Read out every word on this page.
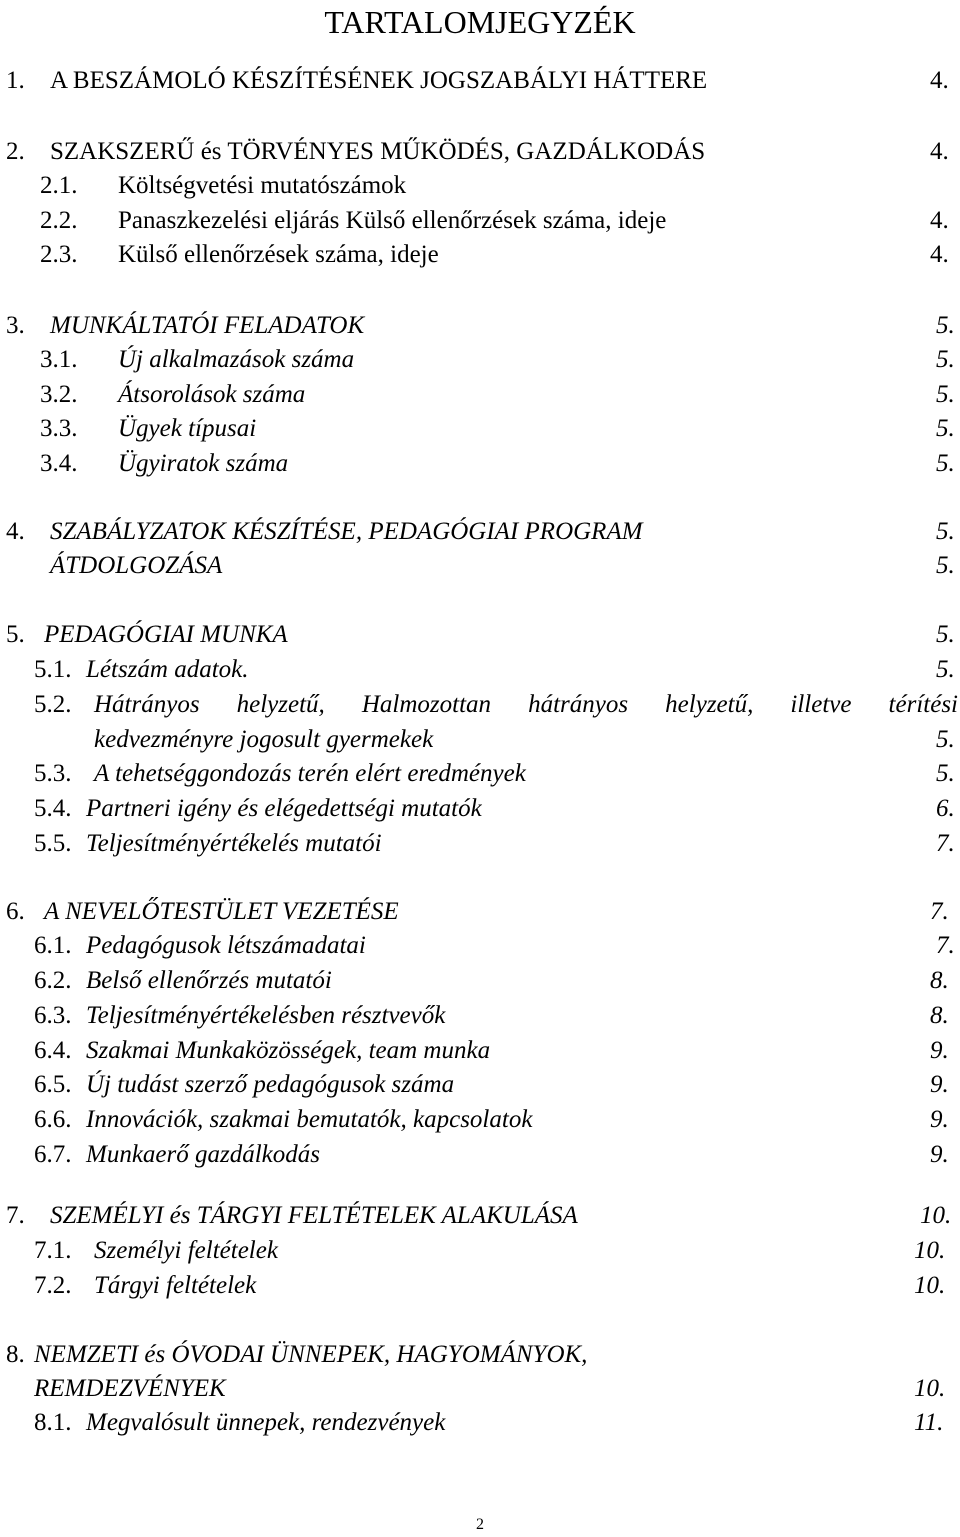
TARTALOMJEGYZÉK
1. A BESZÁMOLÓ KÉSZÍTÉSÉNEK JOGSZABÁLYI HÁTTERE	4.
2. SZAKSZERŰ és TÖRVÉNYES MŰKÖDÉS, GAZDÁLKODÁS	4.
2.1. Költségvetési mutatószámok
2.2. Panaszkezelési eljárás Külső ellenőrzések száma, ideje	4.
2.3. Külső ellenőrzések száma, ideje	4.
3. MUNKÁLTATÓI FELADATOK	5.
3.1. Új alkalmazások száma	5.
3.2. Átsorolások száma	5.
3.3. Ügyek típusai	5.
3.4. Ügyiratok száma	5.
4. SZABÁLYZATOK KÉSZÍTÉSE, PEDAGÓGIAI PROGRAM	5.
ÁTDOLGOZÁSA	5.
5. PEDAGÓGIAI MUNKA	5.
5.1. Létszám adatok.	5.
5.2. Hátrányos helyzetű, Halmozottan hátrányos helyzetű, illetve térítési
kedvezményre jogosult gyermekek	5.
5.3. A tehetséggondozás terén elért eredmények	5.
5.4. Partneri igény és elégedettségi mutatók	6.
5.5. Teljesítményértékelés mutatói	7.
6. A NEVELŐTESTÜLET VEZETÉSE	7.
6.1. Pedagógusok létszámadatai	7.
6.2. Belső ellenőrzés mutatói	8.
6.3. Teljesítményértékelésben résztvevők	8.
6.4. Szakmai Munkaközösségek, team munka	9.
6.5. Új tudást szerző pedagógusok száma	9.
6.6. Innovációk, szakmai bemutatók, kapcsolatok	9.
6.7. Munkaerő gazdálkodás	9.
7. SZEMÉLYI és TÁRGYI FELTÉTELEK ALAKULÁSA	10.
7.1. Személyi feltételek	10.
7.2. Tárgyi feltételek	10.
8. NEMZETI és ÓVODAI ÜNNEPEK, HAGYOMÁNYOK,
REMDEZVÉNYEK	10.
8.1. Megvalósult ünnepek, rendezvények	11.
2
